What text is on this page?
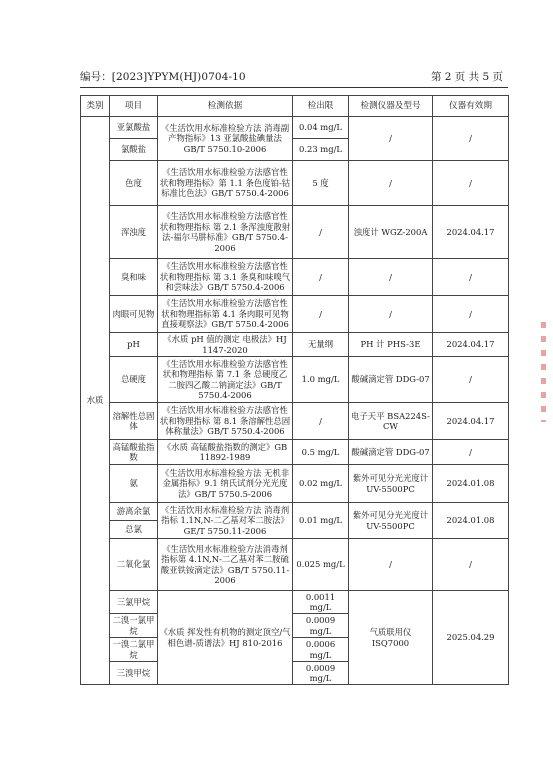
编号：[2023]YPYM(HJ)0704-10	第 2 页 共 5 页
类别	项目	检测依据	检出限	检测仪器及型号	仪器有效期
水质	亚氯酸盐	《生活饮用水标准检验方法 消毒副产物指标》13 亚氯酸盐碘量法 GB/T 5750.10-2006	0.04 mg/L	/	/
	氯酸盐		0.23 mg/L		
	色度	《生活饮用水标准检验方法感官性状和物理指标》第 1.1 条色度铂-钴标准比色法》GB/T 5750.4-2006	5 度	/	/
	浑浊度	《生活饮用水标准检验方法感官性状和物理指标 第 2.1 条浑浊度散射法-福尔马肼标准》GB/T 5750.4-2006	/	浊度计 WGZ-200A	2024.04.17
	臭和味	《生活饮用水标准检验方法感官性状和物理指标 第 3.1 条臭和味嗅气和尝味法》GB/T 5750.4-2006	/	/	/
	肉眼可见物	《生活饮用水标准检验方法感官性状和物理指标第 4.1 条肉眼可见物直接观察法》GB/T 5750.4-2006	/	/	/
	pH	《水质 pH 值的测定 电极法》HJ 1147-2020	无量纲	PH 计 PHS-3E	2024.04.17
	总硬度	《生活饮用水标准检验方法感官性状和物理指标 第 7.1 条 总硬度乙二胺四乙酸二钠滴定法》GB/T 5750.4-2006	1.0 mg/L	酸碱滴定管 DDG-07	/
	溶解性总固体	《生活饮用水标准检验方法感官性状和物理指标 第 8.1 条溶解性总固体称量法》GB/T 5750.4-2006	/	电子天平 BSA224S-CW	2024.04.17
	高锰酸盐指数	《水质 高锰酸盐指数的测定》GB 11892-1989	0.5 mg/L	酸碱滴定管 DDG-07	/
	氨	《生活饮用水标准检验方法 无机非金属指标》9.1 纳氏试剂分光光度法》GB/T 5750.5-2006	0.02 mg/L	紫外可见分光光度计 UV-5500PC	2024.01.08
	游离余氯	《生活饮用水标准检验方法 消毒剂指标 1.1N,N-二乙基对苯二胺法》GE/T 5750.11-2006	0.01 mg/L	紫外可见分光光度计 UV-5500PC	2024.01.08
	总氯				
	二氧化氯	《生活饮用水标准检验方法消毒剂指标第 4.1N,N-二乙基对苯二胺硫酸亚铁铵滴定法》GB/T 5750.11-2006	0.025 mg/L	/	/
	三氯甲烷	《水质 挥发性有机物的测定顶空/气相色谱-质谱法》HJ 810-2016	0.0011 mg/L	气质联用仪 ISQ7000	2025.04.29
	二溴一氯甲烷		0.0009 mg/L		
	一溴二氯甲烷		0.0006 mg/L		
	三溴甲烷		0.0009 mg/L		
